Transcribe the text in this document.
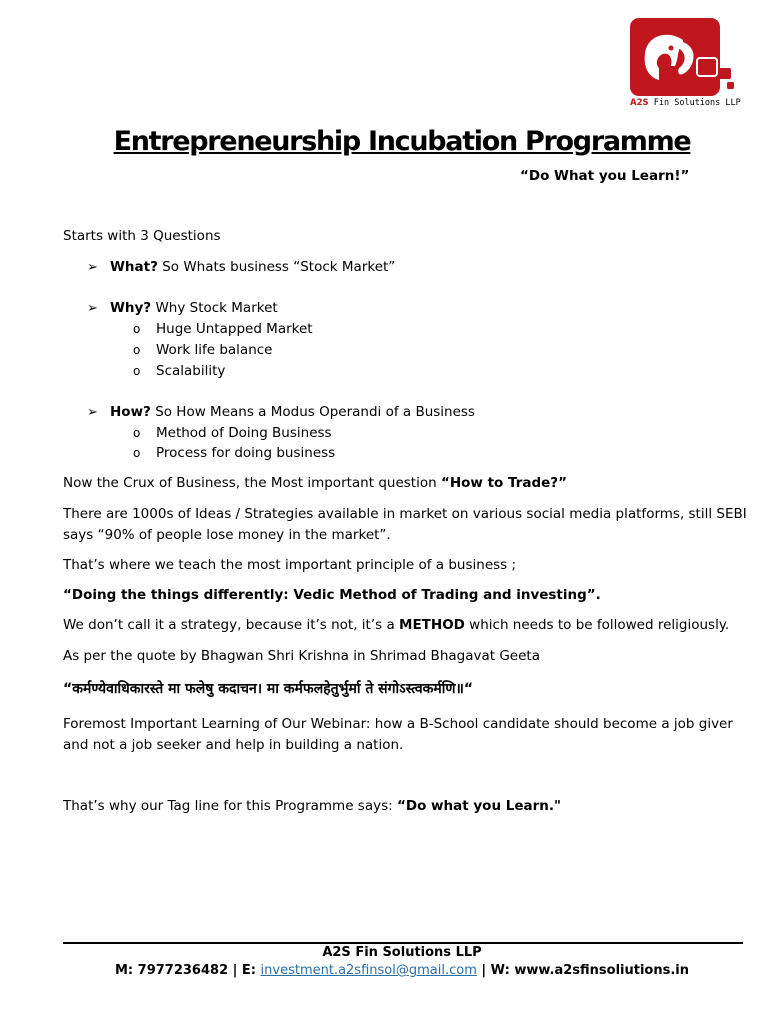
A2S Fin Solutions LLP
Entrepreneurship Incubation Programme
“Do What you Learn!”
Starts with 3 Questions
➢ What? So Whats business “Stock Market”
➢ Why? Why Stock Market
o Huge Untapped Market
o Work life balance
o Scalability
➢ How? So How Means a Modus Operandi of a Business
o Method of Doing Business
o Process for doing business
Now the Crux of Business, the Most important question “How to Trade?”
There are 1000s of Ideas / Strategies available in market on various social media platforms, still SEBI
says “90% of people lose money in the market”.
That’s where we teach the most important principle of a business ;
“Doing the things differently: Vedic Method of Trading and investing”.
We don’t call it a strategy, because it’s not, it’s a METHOD which needs to be followed religiously.
As per the quote by Bhagwan Shri Krishna in Shrimad Bhagavat Geeta
“कर्मण्येवाधिकारस्ते मा फलेषु कदाचन। मा कर्मफलहेतुर्भुर्मा ते संगोऽस्त्वकर्मणि॥“
Foremost Important Learning of Our Webinar: how a B-School candidate should become a job giver
and not a job seeker and help in building a nation.
That’s why our Tag line for this Programme says: “Do what you Learn."
A2S Fin Solutions LLP
M: 7977236482 | E: investment.a2sfinsol@gmail.com | W: www.a2sfinsoliutions.in
